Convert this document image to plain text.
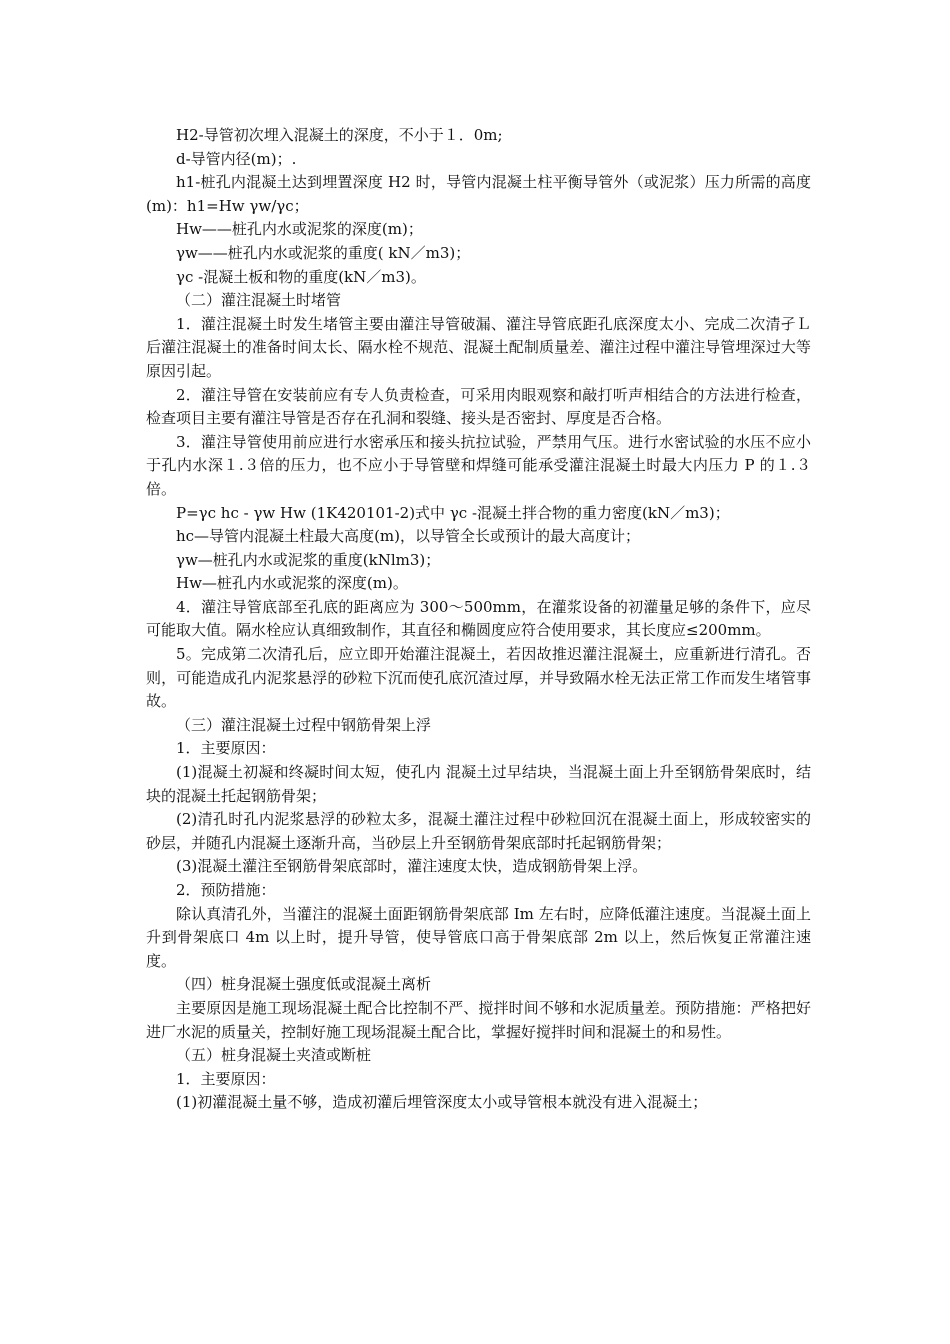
H2-导管初次埋入混凝土的深度，不小于１．0m;

d-导管内径(m)；.

h1-桩孔内混凝土达到埋置深度 H2 时，导管内混凝土柱平衡导管外（或泥浆）压力所需的高度(m)：h1=Hw γw/γc；

Hw——桩孔内水或泥浆的深度(m)；

γw——桩孔内水或泥浆的重度( kN／m3)；

γc -混凝土板和物的重度(kN／m3)。

（二）灌注混凝土时堵管

1．灌注混凝土时发生堵管主要由灌注导管破漏、灌注导管底距孔底深度太小、完成二次清孑Ｌ后灌注混凝土的准备时间太长、隔水栓不规范、混凝土配制质量差、灌注过程中灌注导管埋深过大等原因引起。

2．灌注导管在安装前应有专人负责检查，可采用肉眼观察和敲打听声相结合的方法进行检查，检查项目主要有灌注导管是否存在孔洞和裂缝、接头是否密封、厚度是否合格。

3．灌注导管使用前应进行水密承压和接头抗拉试验，严禁用气压。进行水密试验的水压不应小于孔内水深１.３倍的压力，也不应小于导管壁和焊缝可能承受灌注混凝土时最大内压力 P 的１.３倍。

P=γc hc - γw Hw (1K420101-2)式中 γc -混凝土拌合物的重力密度(kN／m3)；

hc—导管内混凝土柱最大高度(m)，以导管全长或预计的最大高度计；

γw—桩孔内水或泥浆的重度(kNlm3)；

Hw—桩孔内水或泥浆的深度(m)。

4．灌注导管底部至孔底的距离应为 300～500mm，在灌浆设备的初灌量足够的条件下，应尽可能取大值。隔水栓应认真细致制作，其直径和椭圆度应符合使用要求，其长度应≤200mm。

5。完成第二次清孔后，应立即开始灌注混凝土，若因故推迟灌注混凝土，应重新进行清孔。否则，可能造成孔内泥浆悬浮的砂粒下沉而使孔底沉渣过厚，并导致隔水栓无法正常工作而发生堵管事故。

（三）灌注混凝土过程中钢筋骨架上浮

1．主要原因：

(1)混凝土初凝和终凝时间太短，使孔内 混凝土过早结块，当混凝土面上升至钢筋骨架底时，结块的混凝土托起钢筋骨架；

(2)清孔时孔内泥浆悬浮的砂粒太多，混凝土灌注过程中砂粒回沉在混凝土面上，形成较密实的砂层，并随孔内混凝土逐渐升高，当砂层上升至钢筋骨架底部时托起钢筋骨架；

(3)混凝土灌注至钢筋骨架底部时，灌注速度太快，造成钢筋骨架上浮。

2．预防措施：

除认真清孔外，当灌注的混凝土面距钢筋骨架底部 Im 左右时，应降低灌注速度。当混凝土面上升到骨架底口 4m 以上时，提升导管，使导管底口高于骨架底部 2m 以上，然后恢复正常灌注速度。

（四）桩身混凝土强度低或混凝土离析

主要原因是施工现场混凝土配合比控制不严、搅拌时间不够和水泥质量差。预防措施：严格把好进厂水泥的质量关，控制好施工现场混凝土配合比，掌握好搅拌时间和混凝土的和易性。

（五）桩身混凝土夹渣或断桩

1．主要原因：

(1)初灌混凝土量不够，造成初灌后埋管深度太小或导管根本就没有进入混凝土；
